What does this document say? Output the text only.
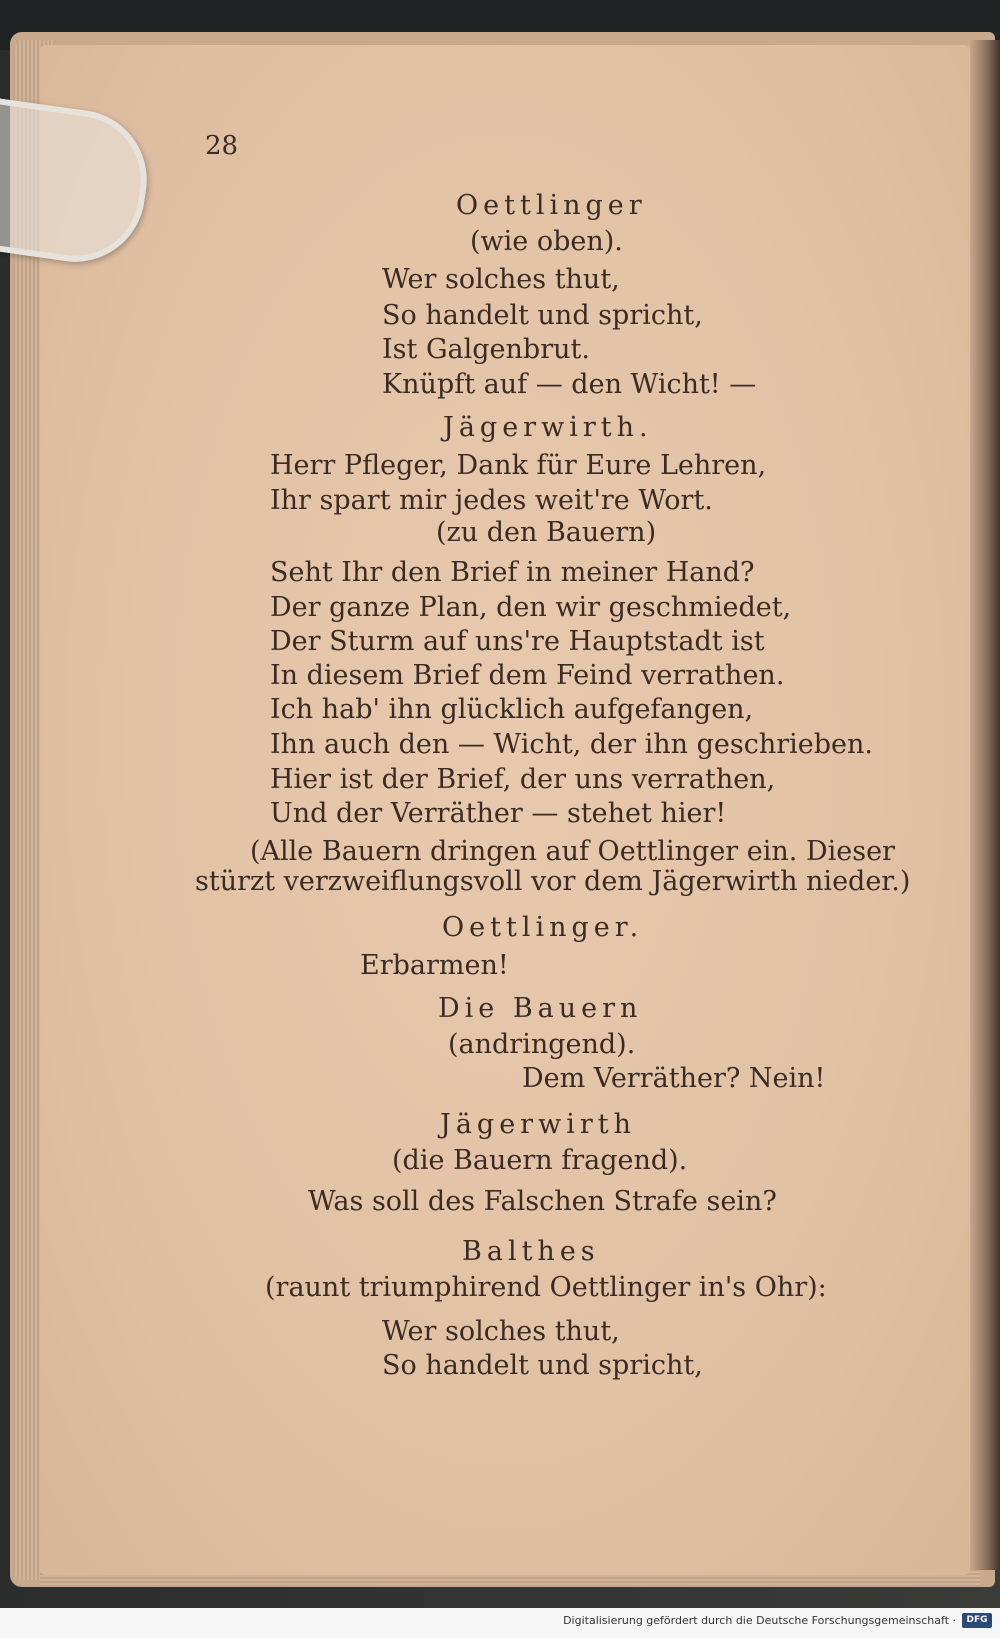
28
Oettlinger
(wie oben).
Wer solches thut,
So handelt und spricht,
Ist Galgenbrut.
Knüpft auf — den Wicht! —
Jägerwirth.
Herr Pfleger, Dank für Eure Lehren,
Ihr spart mir jedes weit're Wort.
(zu den Bauern)
Seht Ihr den Brief in meiner Hand?
Der ganze Plan, den wir geschmiedet,
Der Sturm auf uns're Hauptstadt ist
In diesem Brief dem Feind verrathen.
Ich hab' ihn glücklich aufgefangen,
Ihn auch den — Wicht, der ihn geschrieben.
Hier ist der Brief, der uns verrathen,
Und der Verräther — stehet hier!
(Alle Bauern dringen auf Oettlinger ein. Dieser
stürzt verzweiflungsvoll vor dem Jägerwirth nieder.)
Oettlinger.
Erbarmen!
Die Bauern
(andringend).
Dem Verräther? Nein!
Jägerwirth
(die Bauern fragend).
Was soll des Falschen Strafe sein?
Balthes
(raunt triumphirend Oettlinger in's Ohr):
Wer solches thut,
So handelt und spricht,
Digitalisierung gefördert durch die Deutsche Forschungsgemeinschaft ·	DFG
